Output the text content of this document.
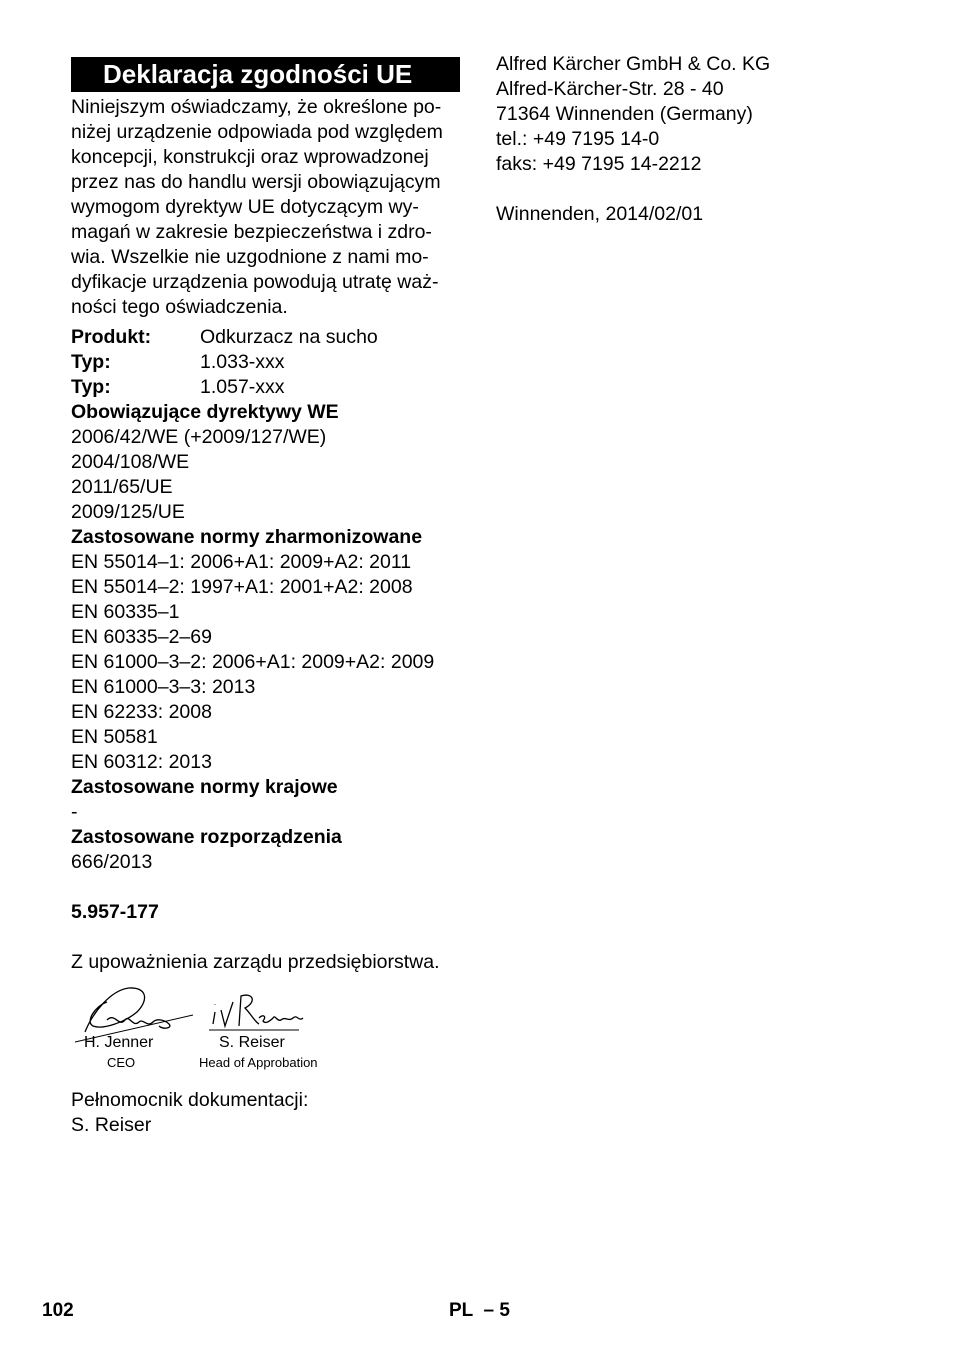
Deklaracja zgodności UE

Niniejszym oświadczamy, że określone po-

niżej urządzenie odpowiada pod względem

koncepcji, konstrukcji oraz wprowadzonej

przez nas do handlu wersji obowiązującym

wymogom dyrektyw UE dotyczącym wy-

magań w zakresie bezpieczeństwa i zdro-

wia. Wszelkie nie uzgodnione z nami mo-

dyfikacje urządzenia powodują utratę waż-

ności tego oświadczenia.

Produkt:	Odkurzacz na sucho
Typ:	1.033-xxx
Typ:	1.057-xxx
Obowiązujące dyrektywy WE
2006/42/WE (+2009/127/WE)
2004/108/WE
2011/65/UE
2009/125/UE
Zastosowane normy zharmonizowane
EN 55014–1: 2006+A1: 2009+A2: 2011
EN 55014–2: 1997+A1: 2001+A2: 2008
EN 60335–1
EN 60335–2–69
EN 61000–3–2: 2006+A1: 2009+A2: 2009
EN 61000–3–3: 2013
EN 62233: 2008
EN 50581
EN 60312: 2013
Zastosowane normy krajowe
-
Zastosowane rozporządzenia
666/2013
5.957-177
Z upoważnienia zarządu przedsiębiorstwa.
H. Jenner
CEO
S. Reiser
Head of Approbation
Pełnomocnik dokumentacji:
S. Reiser
Alfred Kärcher GmbH & Co. KG
Alfred-Kärcher-Str. 28 - 40
71364 Winnenden (Germany)
tel.: +49 7195 14-0
faks: +49 7195 14-2212
Winnenden, 2014/02/01
102	PL  – 5
